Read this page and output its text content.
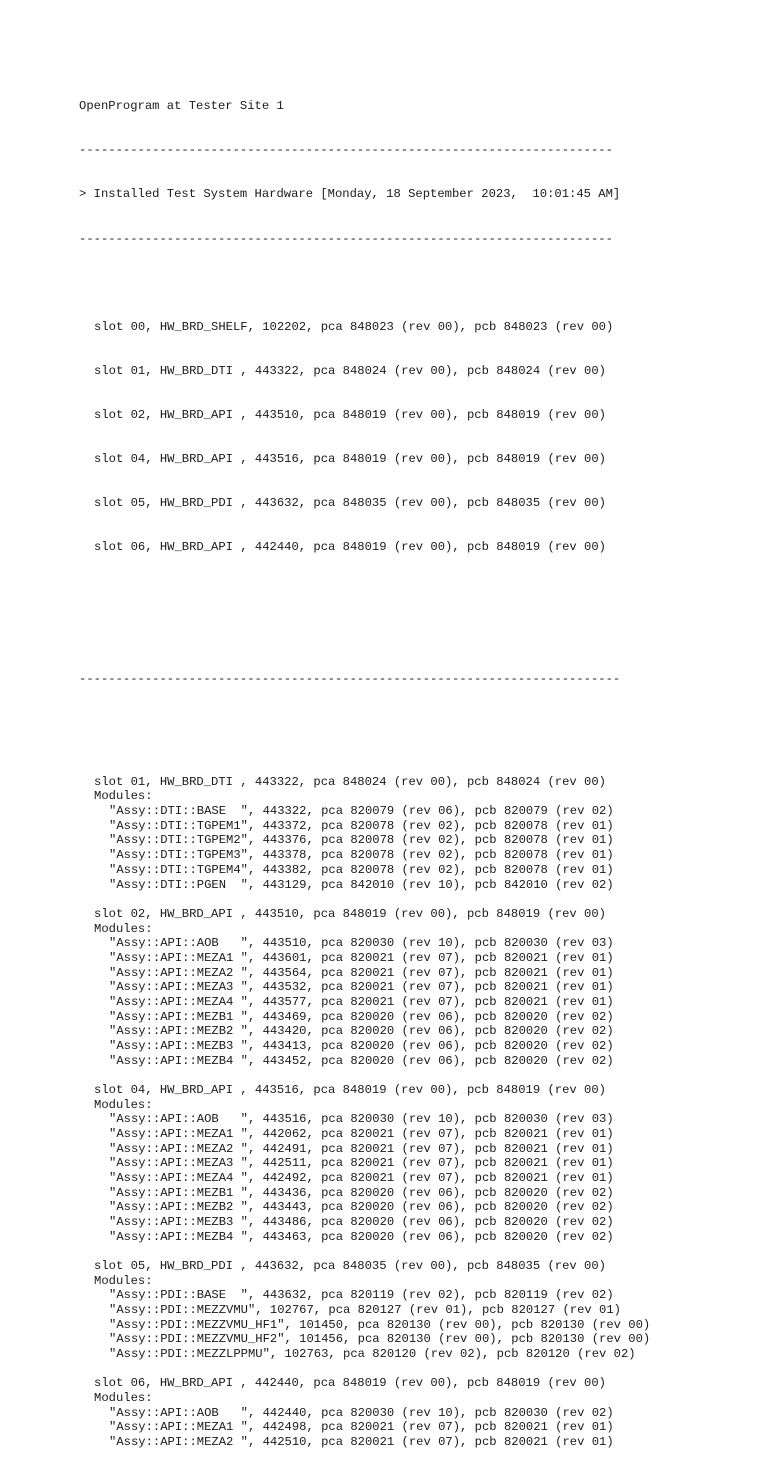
OpenProgram at Tester Site 1

-------------------------------------------------------------------------

> Installed Test System Hardware [Monday, 18 September 2023,  10:01:45 AM]

-------------------------------------------------------------------------

slot 00, HW_BRD_SHELF, 102202, pca 848023 (rev 00), pcb 848023 (rev 00)

slot 01, HW_BRD_DTI , 443322, pca 848024 (rev 00), pcb 848024 (rev 00)

slot 02, HW_BRD_API , 443510, pca 848019 (rev 00), pcb 848019 (rev 00)

slot 04, HW_BRD_API , 443516, pca 848019 (rev 00), pcb 848019 (rev 00)

slot 05, HW_BRD_PDI , 443632, pca 848035 (rev 00), pcb 848035 (rev 00)

slot 06, HW_BRD_API , 442440, pca 848019 (rev 00), pcb 848019 (rev 00)

--------------------------------------------------------------------------

slot 01, HW_BRD_DTI , 443322, pca 848024 (rev 00), pcb 848024 (rev 00)
Modules:
"Assy::DTI::BASE  ", 443322, pca 820079 (rev 06), pcb 820079 (rev 02)
"Assy::DTI::TGPEM1", 443372, pca 820078 (rev 02), pcb 820078 (rev 01)
"Assy::DTI::TGPEM2", 443376, pca 820078 (rev 02), pcb 820078 (rev 01)
"Assy::DTI::TGPEM3", 443378, pca 820078 (rev 02), pcb 820078 (rev 01)
"Assy::DTI::TGPEM4", 443382, pca 820078 (rev 02), pcb 820078 (rev 01)
"Assy::DTI::PGEN  ", 443129, pca 842010 (rev 10), pcb 842010 (rev 02)
slot 02, HW_BRD_API , 443510, pca 848019 (rev 00), pcb 848019 (rev 00)
Modules:
"Assy::API::AOB   ", 443510, pca 820030 (rev 10), pcb 820030 (rev 03)
"Assy::API::MEZA1 ", 443601, pca 820021 (rev 07), pcb 820021 (rev 01)
"Assy::API::MEZA2 ", 443564, pca 820021 (rev 07), pcb 820021 (rev 01)
"Assy::API::MEZA3 ", 443532, pca 820021 (rev 07), pcb 820021 (rev 01)
"Assy::API::MEZA4 ", 443577, pca 820021 (rev 07), pcb 820021 (rev 01)
"Assy::API::MEZB1 ", 443469, pca 820020 (rev 06), pcb 820020 (rev 02)
"Assy::API::MEZB2 ", 443420, pca 820020 (rev 06), pcb 820020 (rev 02)
"Assy::API::MEZB3 ", 443413, pca 820020 (rev 06), pcb 820020 (rev 02)
"Assy::API::MEZB4 ", 443452, pca 820020 (rev 06), pcb 820020 (rev 02)
slot 04, HW_BRD_API , 443516, pca 848019 (rev 00), pcb 848019 (rev 00)
Modules:
"Assy::API::AOB   ", 443516, pca 820030 (rev 10), pcb 820030 (rev 03)
"Assy::API::MEZA1 ", 442062, pca 820021 (rev 07), pcb 820021 (rev 01)
"Assy::API::MEZA2 ", 442491, pca 820021 (rev 07), pcb 820021 (rev 01)
"Assy::API::MEZA3 ", 442511, pca 820021 (rev 07), pcb 820021 (rev 01)
"Assy::API::MEZA4 ", 442492, pca 820021 (rev 07), pcb 820021 (rev 01)
"Assy::API::MEZB1 ", 443436, pca 820020 (rev 06), pcb 820020 (rev 02)
"Assy::API::MEZB2 ", 443443, pca 820020 (rev 06), pcb 820020 (rev 02)
"Assy::API::MEZB3 ", 443486, pca 820020 (rev 06), pcb 820020 (rev 02)
"Assy::API::MEZB4 ", 443463, pca 820020 (rev 06), pcb 820020 (rev 02)
slot 05, HW_BRD_PDI , 443632, pca 848035 (rev 00), pcb 848035 (rev 00)
Modules:
"Assy::PDI::BASE  ", 443632, pca 820119 (rev 02), pcb 820119 (rev 02)
"Assy::PDI::MEZZVMU", 102767, pca 820127 (rev 01), pcb 820127 (rev 01)
"Assy::PDI::MEZZVMU_HF1", 101450, pca 820130 (rev 00), pcb 820130 (rev 00)
"Assy::PDI::MEZZVMU_HF2", 101456, pca 820130 (rev 00), pcb 820130 (rev 00)
"Assy::PDI::MEZZLPPMU", 102763, pca 820120 (rev 02), pcb 820120 (rev 02)
slot 06, HW_BRD_API , 442440, pca 848019 (rev 00), pcb 848019 (rev 00)
Modules:
"Assy::API::AOB   ", 442440, pca 820030 (rev 10), pcb 820030 (rev 02)
"Assy::API::MEZA1 ", 442498, pca 820021 (rev 07), pcb 820021 (rev 01)
"Assy::API::MEZA2 ", 442510, pca 820021 (rev 07), pcb 820021 (rev 01)
